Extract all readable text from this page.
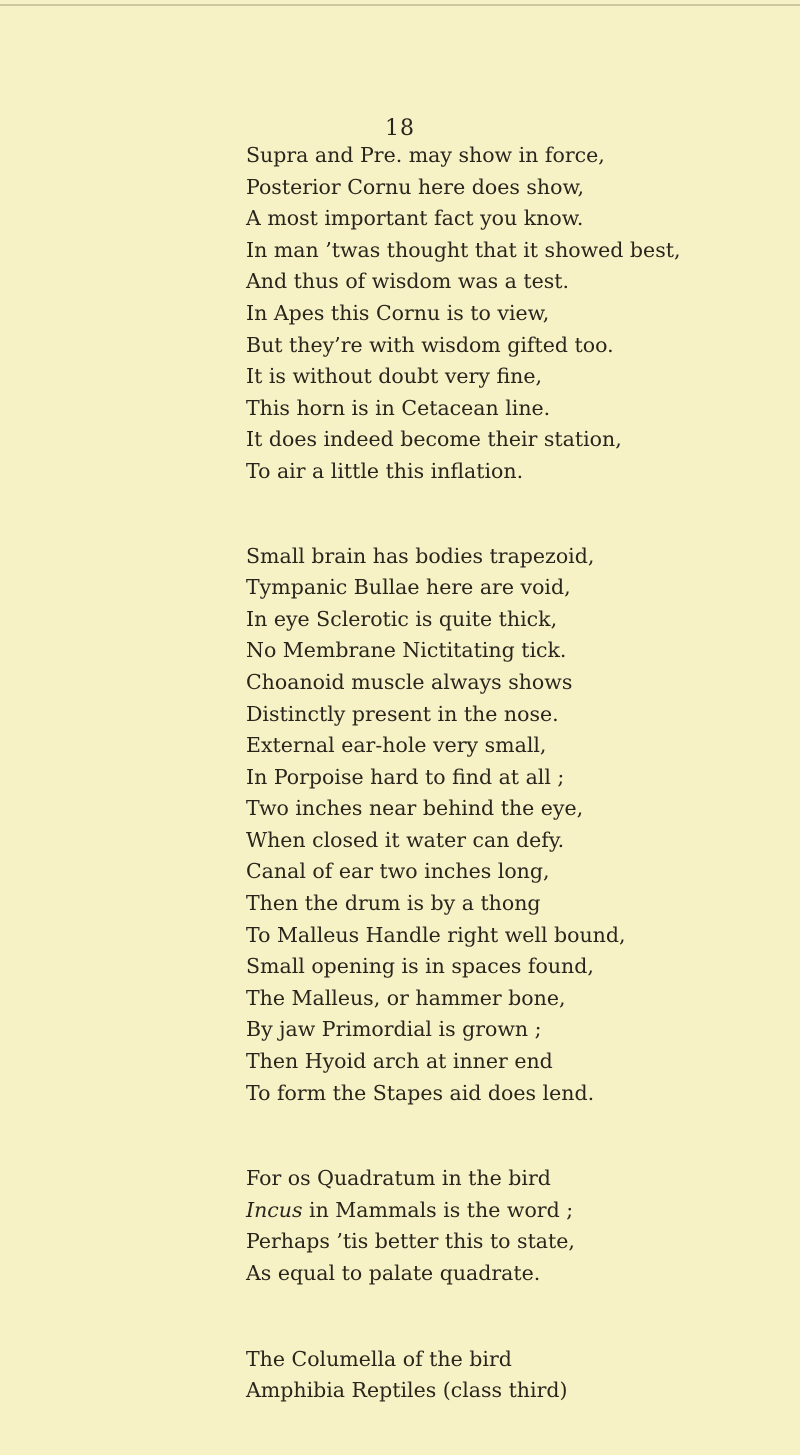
18
Supra and Pre. may show in force,
Posterior Cornu here does show,
A most important fact you know.
In man ’twas thought that it showed best,
And thus of wisdom was a test.
In Apes this Cornu is to view,
But they’re with wisdom gifted too.
It is without doubt very fine,
This horn is in Cetacean line.
It does indeed become their station,
To air a little this inflation.
Small brain has bodies trapezoid,
Tympanic Bullae here are void,
In eye Sclerotic is quite thick,
No Membrane Nictitating tick.
Choanoid muscle always shows
Distinctly present in the nose.
External ear-hole very small,
In Porpoise hard to find at all ;
Two inches near behind the eye,
When closed it water can defy.
Canal of ear two inches long,
Then the drum is by a thong
To Malleus Handle right well bound,
Small opening is in spaces found,
The Malleus, or hammer bone,
By jaw Primordial is grown ;
Then Hyoid arch at inner end
To form the Stapes aid does lend.
For os Quadratum in the bird
Incus in Mammals is the word ;
Perhaps ’tis better this to state,
As equal to palate quadrate.
The Columella of the bird
Amphibia Reptiles (class third)
